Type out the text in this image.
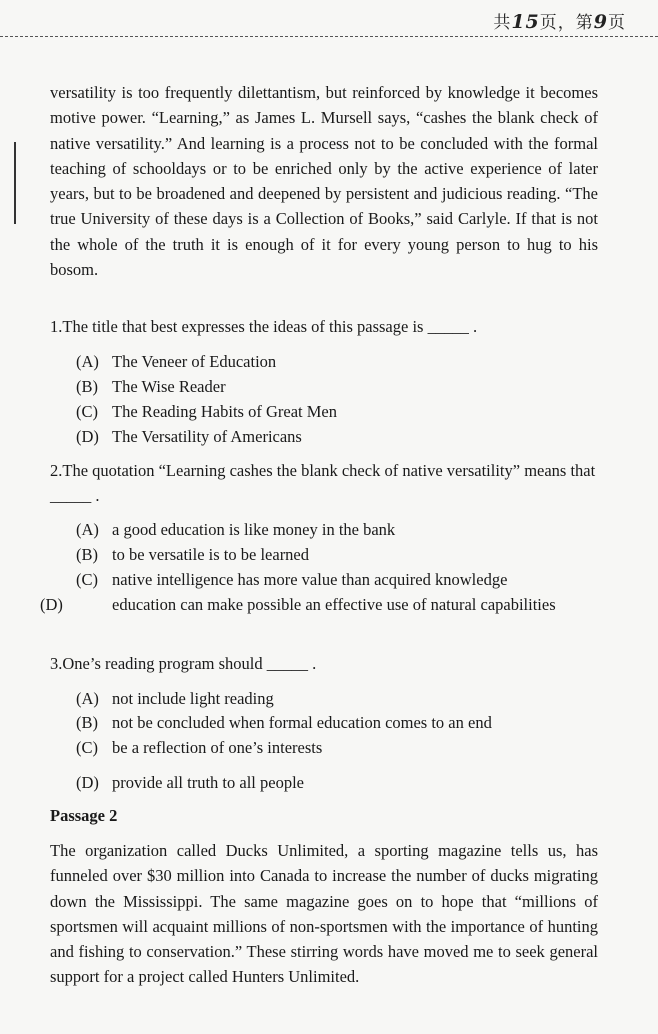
共15页，第9页

versatility is too frequently dilettantism, but reinforced by knowledge it becomes motive power. “Learning,” as James L. Mursell says, “cashes the blank check of native versatility.” And learning is a process not to be concluded with the formal teaching of schooldays or to be enriched only by the active experience of later years, but to be broadened and deepened by persistent and judicious reading. “The true University of these days is a Collection of Books,” said Carlyle. If that is not the whole of the truth it is enough of it for every young person to hug to his bosom.

1.The title that best expresses the ideas of this passage is _____ .

(A) The Veneer of Education

(B) The Wise Reader

(C) The Reading Habits of Great Men

(D) The Versatility of Americans

2.The quotation “Learning cashes the blank check of native versatility” means that _____ .

(A) a good education is like money in the bank

(B) to be versatile is to be learned

(C) native intelligence has more value than acquired knowledge

(D)	education can make possible an effective use of natural capabilities

3.One’s reading program should _____ .

(A) not include light reading

(B) not be concluded when formal education comes to an end

(C) be a reflection of one’s interests

(D) provide all truth to all people

Passage 2

The organization called Ducks Unlimited, a sporting magazine tells us, has funneled over $30 million into Canada to increase the number of ducks migrating down the Mississippi. The same magazine goes on to hope that “millions of sportsmen will acquaint millions of non-sportsmen with the importance of hunting and fishing to conservation.” These stirring words have moved me to seek general support for a project called Hunters Unlimited.
